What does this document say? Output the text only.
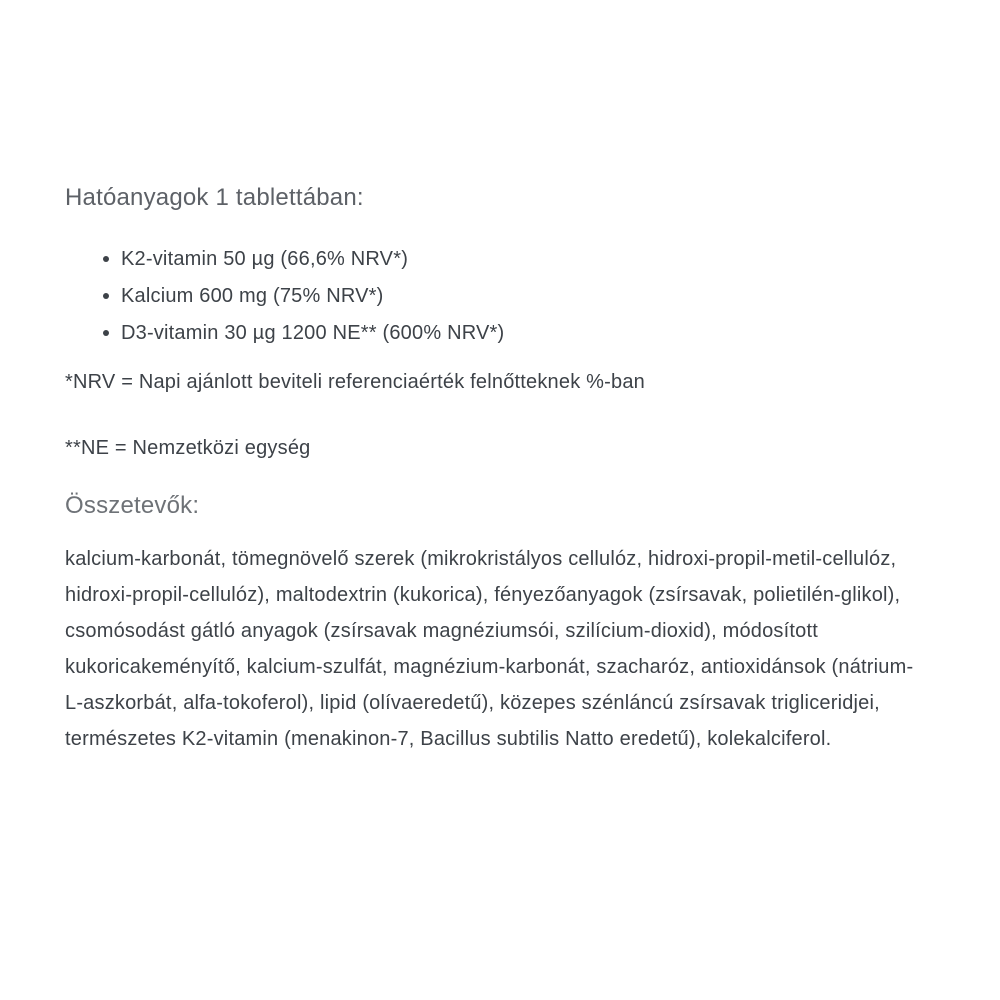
Hatóanyagok 1 tablettában:
K2-vitamin 50 µg (66,6% NRV*)
Kalcium 600 mg (75% NRV*)
D3-vitamin 30 µg 1200 NE** (600% NRV*)

*NRV = Napi ajánlott beviteli referenciaérték felnőtteknek %-ban

**NE = Nemzetközi egység

Összetevők:

kalcium-karbonát, tömegnövelő szerek (mikrokristályos cellulóz, hidroxi-propil-metil-cellulóz, hidroxi-propil-cellulóz), maltodextrin (kukorica), fényezőanyagok (zsírsavak, polietilén-glikol), csomósodást gátló anyagok (zsírsavak magnéziumsói, szilícium-dioxid), módosított kukoricakeményítő, kalcium-szulfát, magnézium-karbonát, szacharóz, antioxidánsok (nátrium-L-aszkorbát, alfa-tokoferol), lipid (olívaeredetű), közepes szénláncú zsírsavak trigliceridjei, természetes K2-vitamin (menakinon-7, Bacillus subtilis Natto eredetű), kolekalciferol.
